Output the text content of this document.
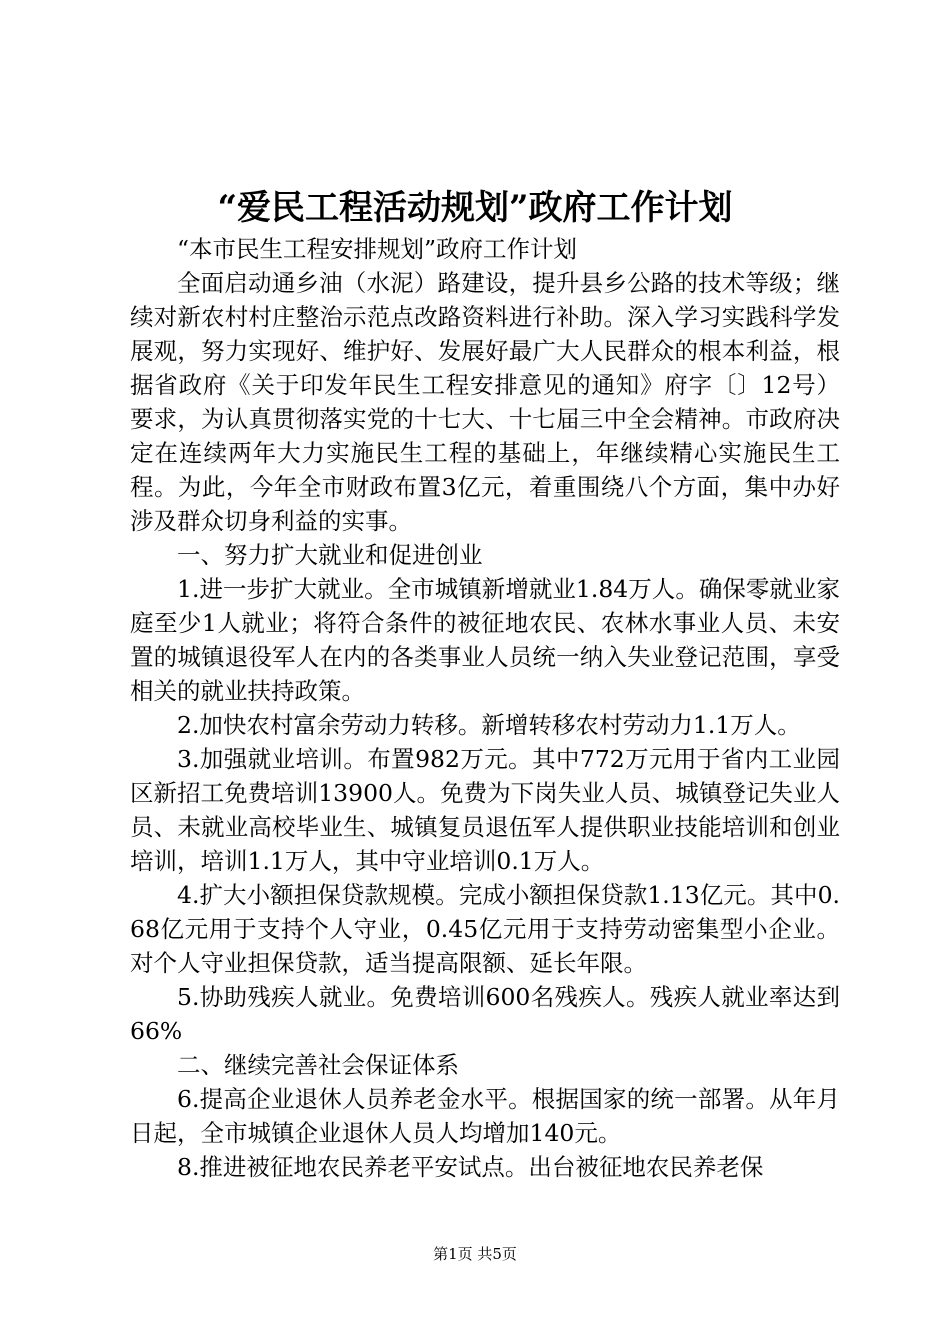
“爱民工程活动规划”政府工作计划

“本市民生工程安排规划”政府工作计划

全面启动通乡油（水泥）路建设，提升县乡公路的技术等级；继续对新农村村庄整治示范点改路资料进行补助。深入学习实践科学发展观，努力实现好、维护好、发展好最广大人民群众的根本利益，根据省政府《关于印发年民生工程安排意见的通知》府字〔〕12号）要求，为认真贯彻落实党的十七大、十七届三中全会精神。市政府决定在连续两年大力实施民生工程的基础上，年继续精心实施民生工程。为此，今年全市财政布置3亿元，着重围绕八个方面，集中办好涉及群众切身利益的实事。

一、努力扩大就业和促进创业

1.进一步扩大就业。全市城镇新增就业1.84万人。确保零就业家庭至少1人就业；将符合条件的被征地农民、农林水事业人员、未安置的城镇退役军人在内的各类事业人员统一纳入失业登记范围，享受相关的就业扶持政策。

2.加快农村富余劳动力转移。新增转移农村劳动力1.1万人。

3.加强就业培训。布置982万元。其中772万元用于省内工业园区新招工免费培训13900人。免费为下岗失业人员、城镇登记失业人员、未就业高校毕业生、城镇复员退伍军人提供职业技能培训和创业培训，培训1.1万人，其中守业培训0.1万人。

4.扩大小额担保贷款规模。完成小额担保贷款1.13亿元。其中0.68亿元用于支持个人守业，0.45亿元用于支持劳动密集型小企业。对个人守业担保贷款，适当提高限额、延长年限。

5.协助残疾人就业。免费培训600名残疾人。残疾人就业率达到66%

二、继续完善社会保证体系

6.提高企业退休人员养老金水平。根据国家的统一部署。从年月日起，全市城镇企业退休人员人均增加140元。

8.推进被征地农民养老平安试点。出台被征地农民养老保

第1页 共5页
